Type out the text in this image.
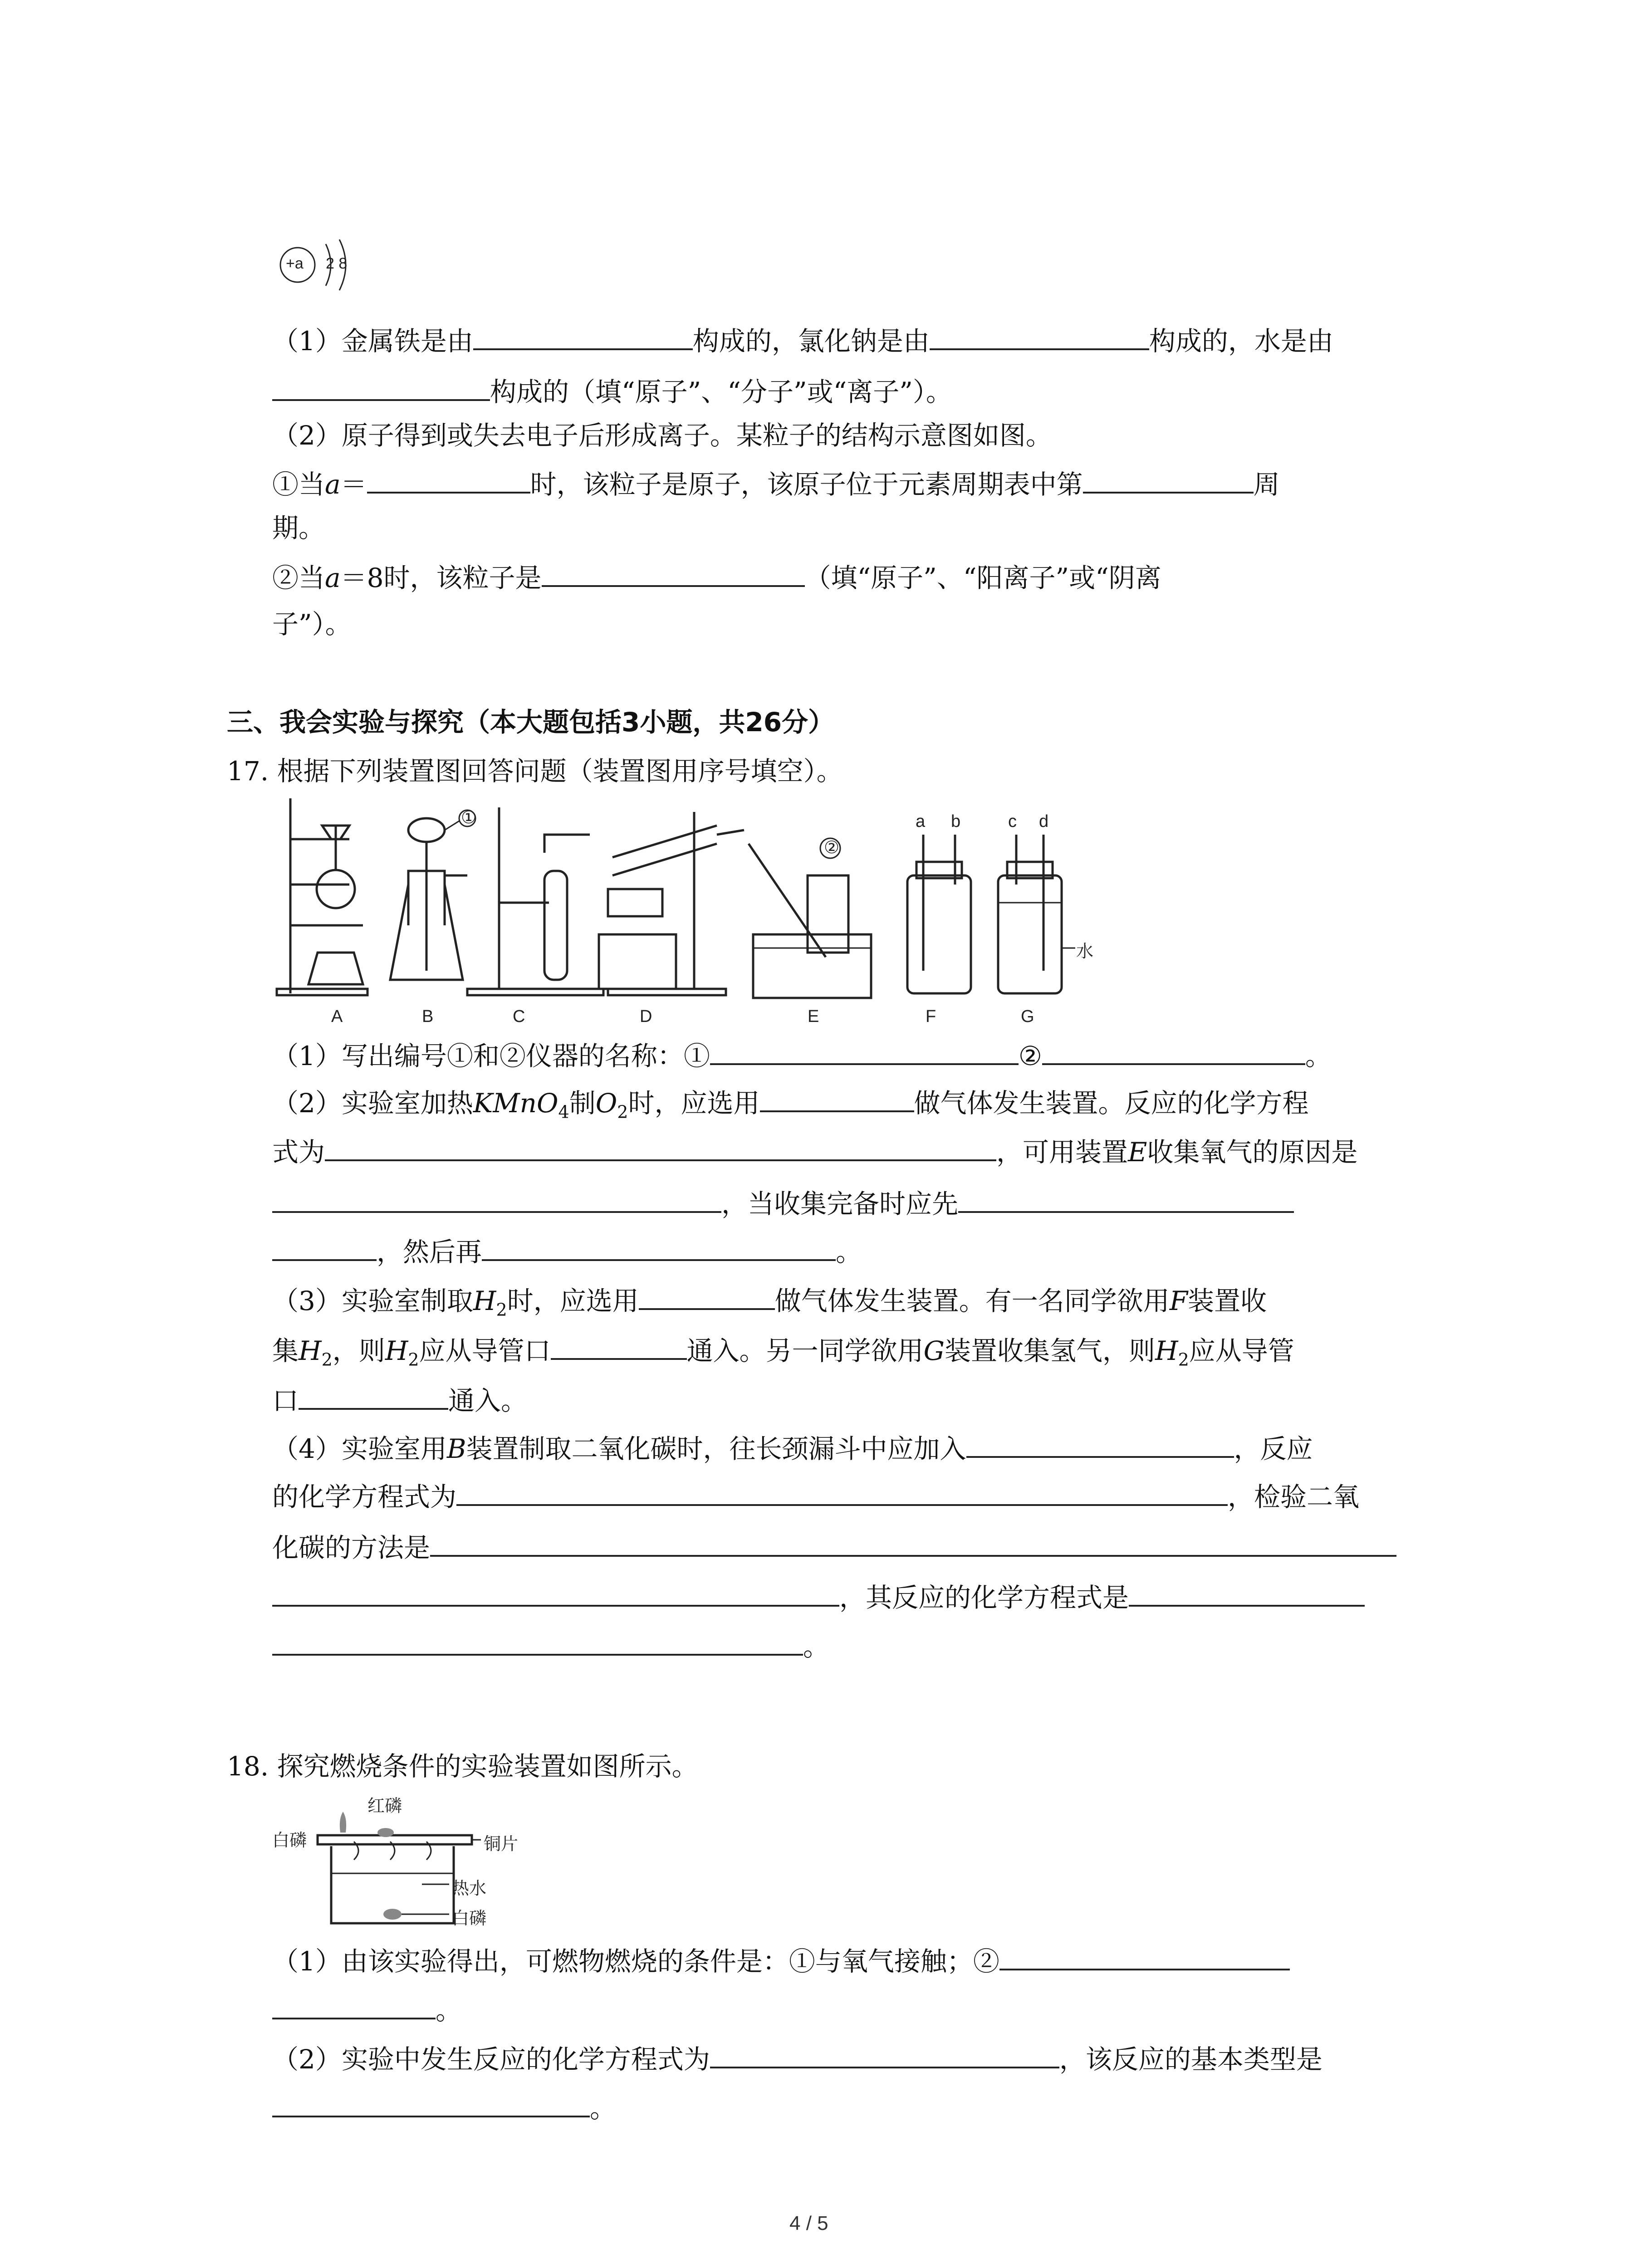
+a 2 8
（1）金属铁是由	构成的，氯化钠是由	构成的，水是由
构成的（填“原子”、“分子”或“离子”）。
（2）原子得到或失去电子后形成离子。某粒子的结构示意图如图。
①当a＝	时，该粒子是原子，该原子位于元素周期表中第	周
期。
②当a＝8时，该粒子是	（填“原子”、“阳离子”或“阴离
子”）。
三、我会实验与探究（本大题包括3小题，共26分）
17. 根据下列装置图回答问题（装置图用序号填空）。
A	B	C	D	E	F	G
①
②
a b	c d
水
（1）写出编号①和②仪器的名称：①	②	。
（2）实验室加热KMnO$_4$制$O_2$时，应选用	做气体发生装置。反应的化学方程
式为	，可用装置E收集氧气的原因是
，当收集完备时应先
，然后再	。
（3）实验室制取$H_2$时，应选用	做气体发生装置。有一名同学欲用F装置收
集$H_2$，则$H_2$应从导管口	通入。另一同学欲用G装置收集氢气，则$H_2$应从导管
口	通入。
（4）实验室用B装置制取二氧化碳时，往长颈漏斗中应加入	，反应
的化学方程式为	，检验二氧
化碳的方法是
，其反应的化学方程式是
。
18. 探究燃烧条件的实验装置如图所示。
红磷
白磷	铜片
热水
白磷
（1）由该实验得出，可燃物燃烧的条件是：①与氧气接触；②
。
（2）实验中发生反应的化学方程式为	，该反应的基本类型是
。
4 / 5
